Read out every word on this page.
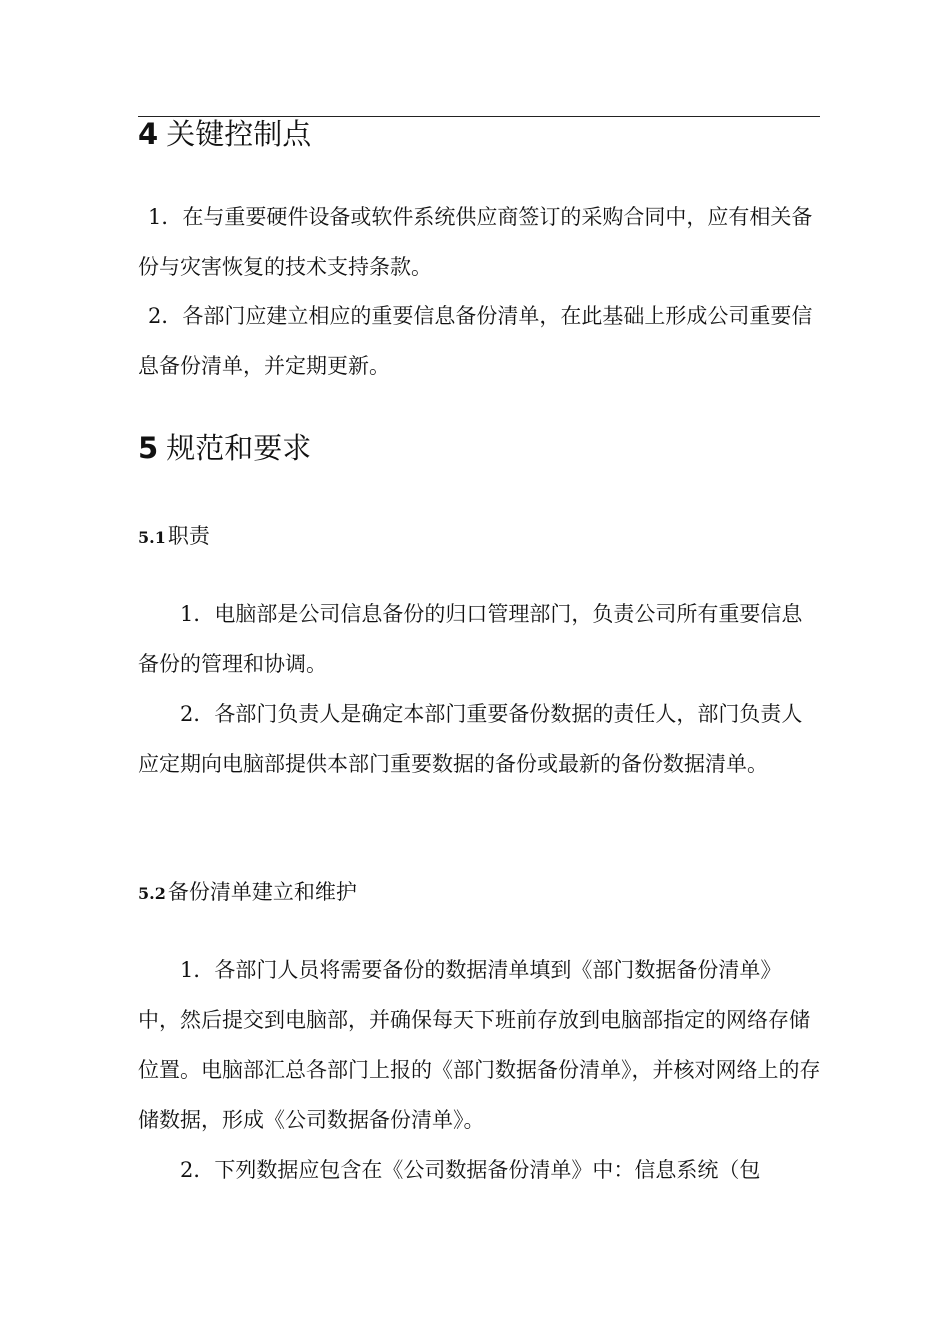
4 关键控制点

1．在与重要硬件设备或软件系统供应商签订的采购合同中，应有相关备份与灾害恢复的技术支持条款。

2．各部门应建立相应的重要信息备份清单，在此基础上形成公司重要信息备份清单，并定期更新。

5 规范和要求
5.1职责

1．电脑部是公司信息备份的归口管理部门，负责公司所有重要信息备份的管理和协调。

2．各部门负责人是确定本部门重要备份数据的责任人，部门负责人应定期向电脑部提供本部门重要数据的备份或最新的备份数据清单。

5.2备份清单建立和维护

1．各部门人员将需要备份的数据清单填到《部门数据备份清单》中，然后提交到电脑部，并确保每天下班前存放到电脑部指定的网络存储位置。电脑部汇总各部门上报的《部门数据备份清单》，并核对网络上的存储数据，形成《公司数据备份清单》。

2．下列数据应包含在《公司数据备份清单》中：信息系统（包
